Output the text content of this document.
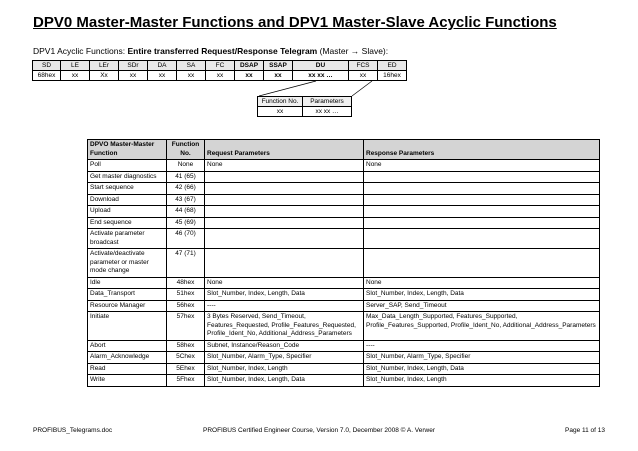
DPV0 Master-Master Functions and DPV1 Master-Slave Acyclic Functions
DPV1 Acyclic Functions: Entire transferred Request/Response Telegram (Master → Slave):
SD	LE	LEr	SDr	DA	SA	FC	DSAP	SSAP	DU	FCS	ED
68hex	xx	Xx	xx	xx	xx	xx	xx	xx	xx xx …	xx	16hex
Function No.	Parameters
xx	xx xx …
DPVO Master-Master Function	Function No.	Request Parameters	Response Parameters
Poll	None	None	None
Get master diagnostics	41 (65)		
Start sequence	42 (66)		
Download	43 (67)		
Upload	44 (68)		
End sequence	45 (69)		
Activate parameter broadcast	46 (70)		
Activate/deactivate parameter or master mode change	47 (71)		
Idle	48hex	None	None
Data_Transport	51hex	Slot_Number, Index, Length, Data	Slot_Number, Index, Length, Data
Resource Manager	56hex	----	Server_SAP, Send_Timeout
Initiate	57hex	3 Bytes Reserved, Send_Timeout, Features_Requested, Profile_Features_Requested, Profile_Ident_No, Additional_Address_Parameters	Max_Data_Length_Supported, Features_Supported, Profile_Features_Supported, Profile_Ident_No, Additional_Address_Parameters
Abort	58hex	Subnet, Instance/Reason_Code	----
Alarm_Acknowledge	5Chex	Slot_Number, Alarm_Type, Specifier	Slot_Number, Alarm_Type, Specifier
Read	5Ehex	Slot_Number, Index, Length	Slot_Number, Index, Length, Data
Write	5Fhex	Slot_Number, Index, Length, Data	Slot_Number, Index, Length
PROFIBUS_Telegrams.doc	PROFIBUS Certified Engineer Course, Version 7.0, December 2008 © A. Verwer	Page 11 of 13
